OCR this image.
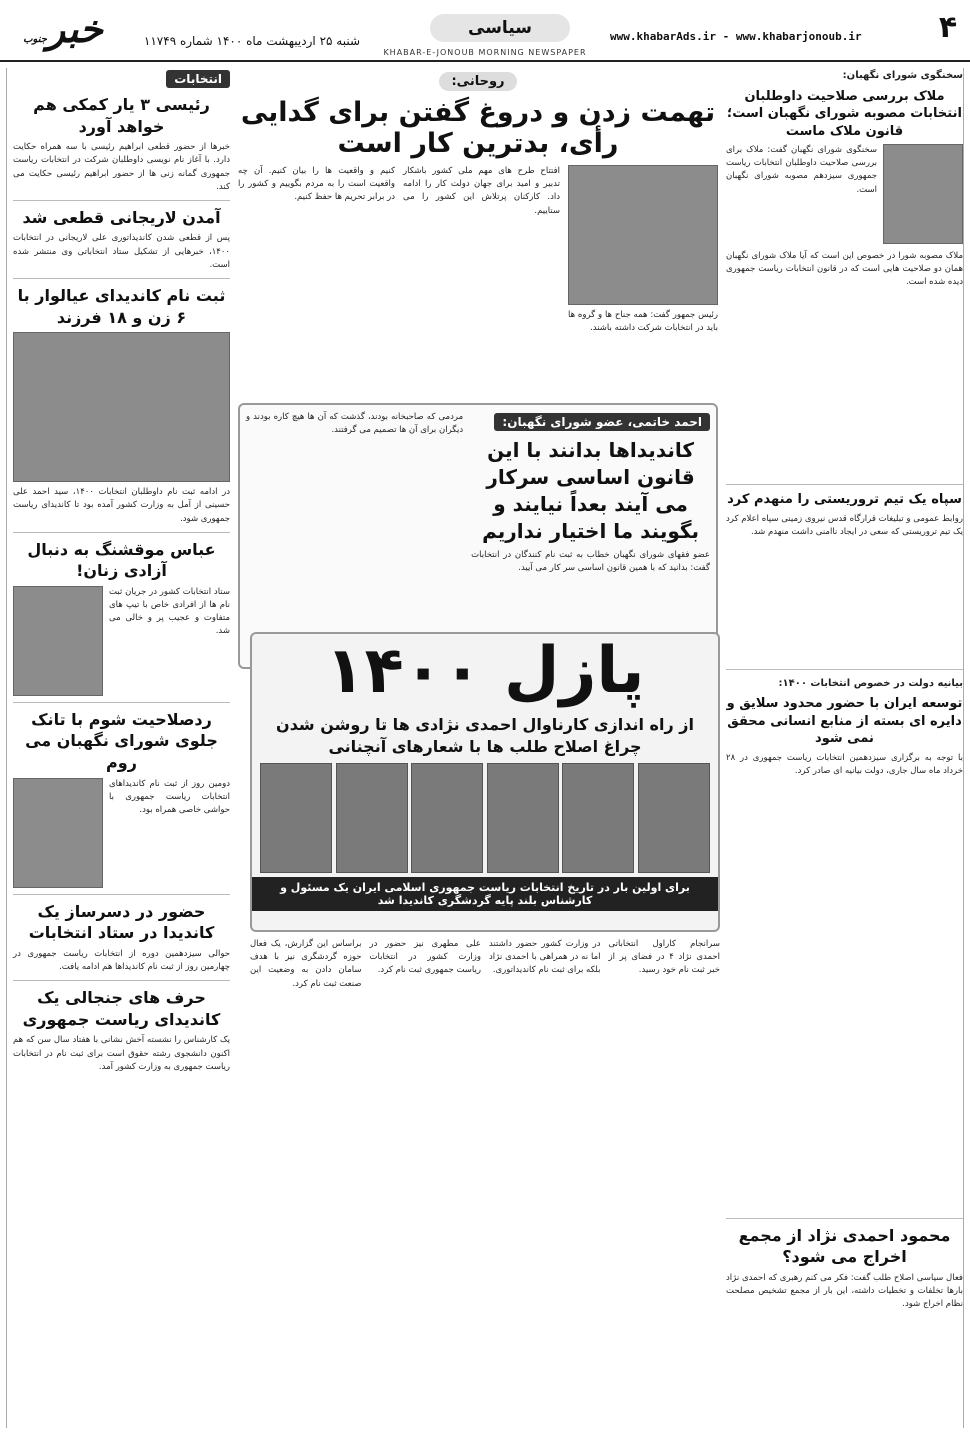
خبرجنوب	شنبه ۲۵ اردیبهشت ماه ۱۴۰۰ شماره ۱۱۷۴۹
سیاسی	www.khabarAds.ir - www.khabarjonoub.ir	۴
KHABAR-E-JONOUB MORNING NEWSPAPER
سخنگوی شورای نگهبان:
ملاک بررسی صلاحیت داوطلبان انتخابات مصوبه شورای نگهبان است؛ قانون ملاک ماست
سخنگوی شورای نگهبان گفت: ملاک برای بررسی صلاحیت داوطلبان انتخابات ریاست جمهوری سیزدهم مصوبه شورای نگهبان است.
ملاک مصوبه شورا در خصوص این است که آیا ملاک شورای نگهبان همان دو صلاحیت هایی است که در قانون انتخابات ریاست جمهوری دیده شده است.
سپاه یک تیم تروریستی را منهدم کرد
روابط عمومی و تبلیغات قرارگاه قدس نیروی زمینی سپاه اعلام کرد یک تیم تروریستی که سعی در ایجاد ناامنی داشت منهدم شد.
بیانیه دولت در خصوص انتخابات ۱۴۰۰:
توسعه ایران با حضور محدود سلایق و دایره ای بسته از منابع انسانی محقق نمی شود
با توجه به برگزاری سیزدهمین انتخابات ریاست جمهوری در ۲۸ خرداد ماه سال جاری، دولت بیانیه ای صادر کرد.
محمود احمدی نژاد از مجمع اخراج می شود؟
فعال سیاسی اصلاح طلب گفت: فکر می کنم رهبری که احمدی نژاد بارها تخلفات و تخطیات داشته، این بار از مجمع تشخیص مصلحت نظام اخراج شود.
روحانی:
تهمت زدن و دروغ گفتن برای گدایی رأی، بدترین کار است
رئیس جمهور گفت: همه جناح ها و گروه ها باید در انتخابات شرکت داشته باشند.
افتتاح طرح های مهم ملی کشور باشکار تدبیر و امید برای جهان دولت کار را ادامه داد. کارکنان پرتلاش این کشور را می ستاییم.
کنیم و واقعیت ها را بیان کنیم. آن چه واقعیت است را به مردم بگوییم و کشور را در برابر تحریم ها حفظ کنیم.
احمد خاتمی، عضو شورای نگهبان:
کاندیداها بدانند با این قانون اساسی سرکار می آیند بعداً نیایند و بگویند ما اختیار نداریم
عضو فقهای شورای نگهبان خطاب به ثبت نام کنندگان در انتخابات گفت: بدانید که با همین قانون اساسی سر کار می آیید.
مردمی که صاحبخانه بودند، گذشت که آن ها هیچ کاره بودند و دیگران برای آن ها تصمیم می گرفتند.
پازل ۱۴۰۰
از راه اندازی کارناوال احمدی نژادی ها تا روشن شدن چراغ اصلاح طلب ها با شعارهای آنچنانی
برای اولین بار در تاریخ انتخابات ریاست جمهوری اسلامی ایران یک مسئول و کارشناس بلند پایه گردشگری کاندیدا شد
سرانجام کاراول انتخاباتی احمدی نژاد ۴ در فضای پر از خبر ثبت نام خود رسید.
در وزارت کشور حضور داشتند اما نه در همراهی با احمدی نژاد بلکه برای ثبت نام کاندیداتوری.
علی مطهری نیز حضور در وزارت کشور در انتخابات ریاست جمهوری ثبت نام کرد.
براساس این گزارش، یک فعال حوزه گردشگری نیز با هدف سامان دادن به وضعیت این صنعت ثبت نام کرد.
انتخابات
رئیسی ۳ یار کمکی هم خواهد آورد
خبرها از حضور قطعی ابراهیم رئیسی با سه همراه حکایت دارد. با آغاز نام نویسی داوطلبان شرکت در انتخابات ریاست جمهوری گمانه زنی ها از حضور ابراهیم رئیسی حکایت می کند.
آمدن لاریجانی قطعی شد
پس از قطعی شدن کاندیداتوری علی لاریجانی در انتخابات ۱۴۰۰، خبرهایی از تشکیل ستاد انتخاباتی وی منتشر شده است.
ثبت نام کاندیدای عیالوار با ۶ زن و ۱۸ فرزند
در ادامه ثبت نام داوطلبان انتخابات ۱۴۰۰، سید احمد علی حسینی از آمل به وزارت کشور آمده بود تا کاندیدای ریاست جمهوری شود.
عباس موقشنگ به دنبال آزادی زنان!
ستاد انتخابات کشور در جریان ثبت نام ها از افرادی خاص با تیپ های متفاوت و عجیب پر و خالی می شد.
ردصلاحیت شوم با تانک جلوی شورای نگهبان می روم
دومین روز از ثبت نام کاندیداهای انتخابات ریاست جمهوری با حواشی خاصی همراه بود.
حضور در دسرساز یک کاندیدا در ستاد انتخابات
حوالی سیزدهمین دوره از انتخابات ریاست جمهوری در چهارمین روز از ثبت نام کاندیداها هم ادامه یافت.
حرف های جنجالی یک کاندیدای ریاست جمهوری
یک کارشناس را نشسته آخش نشانی با هفتاد سال سن که هم اکنون دانشجوی رشته حقوق است برای ثبت نام در انتخابات ریاست جمهوری به وزارت کشور آمد.
